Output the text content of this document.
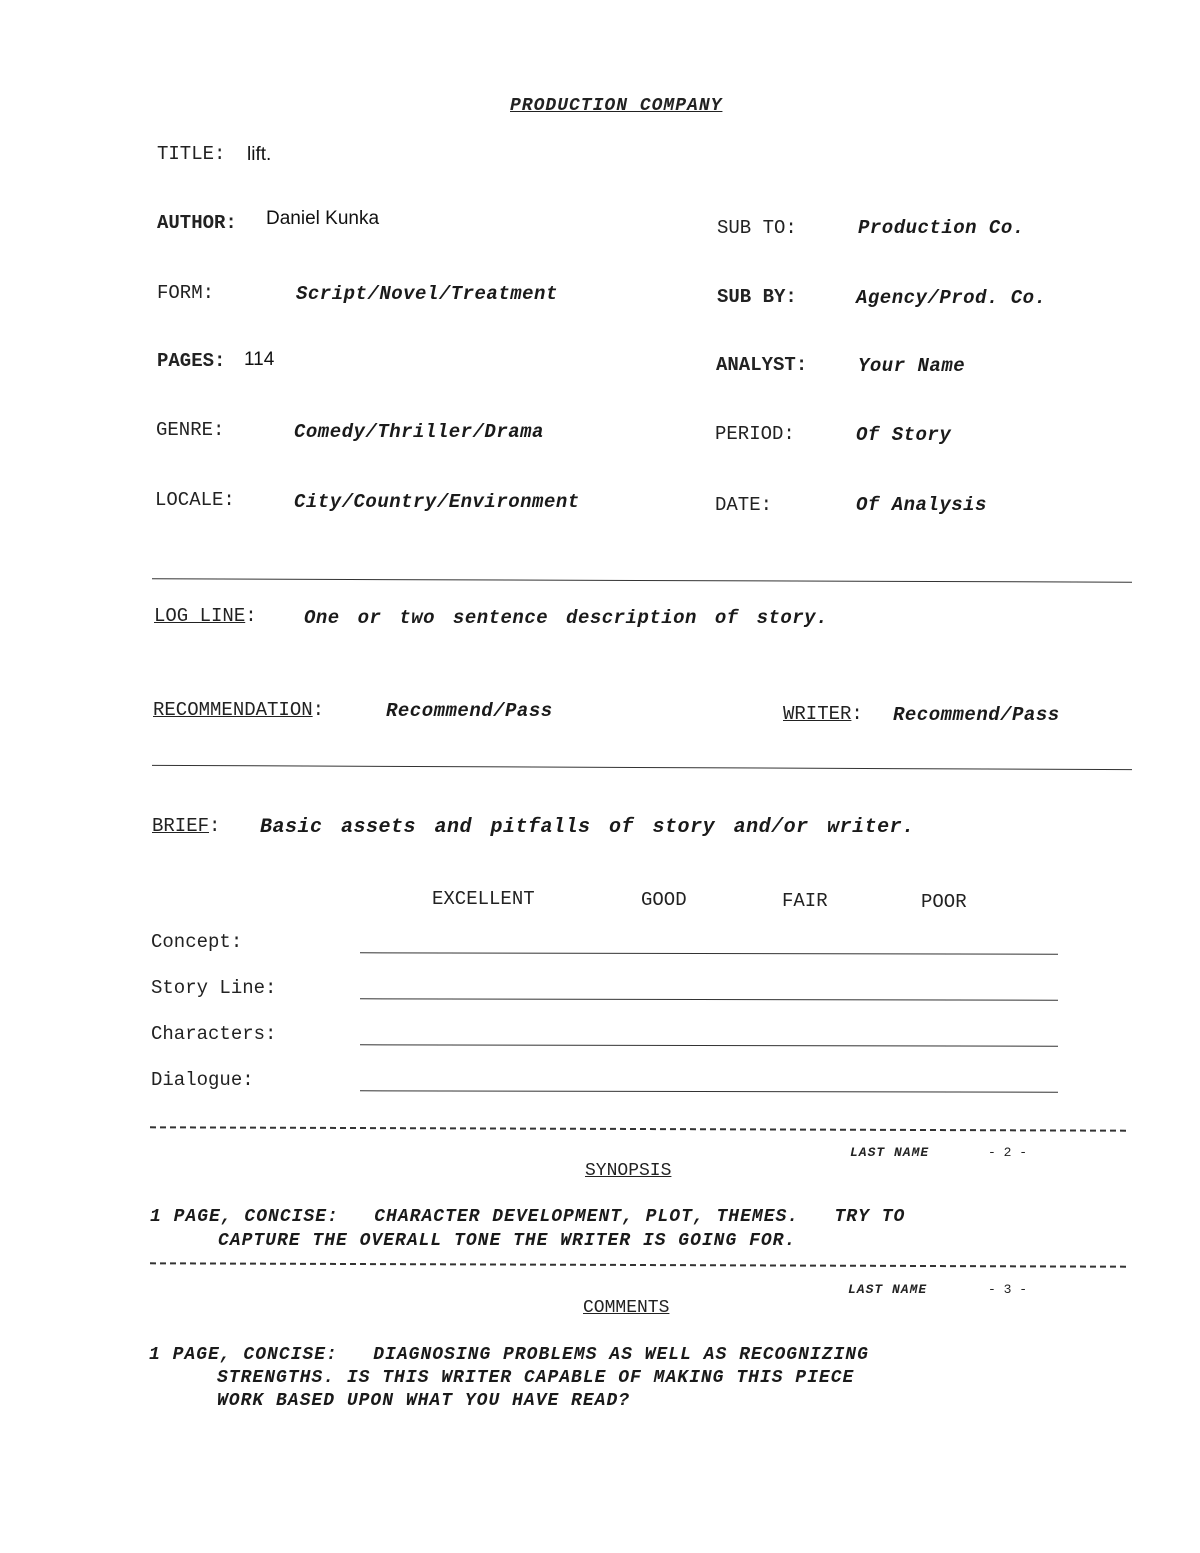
PRODUCTION COMPANY
TITLE: lift.
AUTHOR: Daniel Kunka	SUB TO:	Production Co.
FORM:	Script/Novel/Treatment	SUB BY:	Agency/Prod. Co.
PAGES: 114	ANALYST:	Your Name
GENRE:	Comedy/Thriller/Drama	PERIOD:	Of Story
LOCALE:	City/Country/Environment	DATE:	Of Analysis
LOG LINE: One or two sentence description of story.
RECOMMENDATION:	Recommend/Pass	WRITER: Recommend/Pass
BRIEF: Basic assets and pitfalls of story and/or writer.
EXCELLENT	GOOD	FAIR	POOR
Concept:
Story Line:
Characters:
Dialogue:
LAST NAME	- 2 -
SYNOPSIS
1 PAGE, CONCISE:   CHARACTER DEVELOPMENT, PLOT, THEMES.   TRY TO
CAPTURE THE OVERALL TONE THE WRITER IS GOING FOR.
LAST NAME	- 3 -
COMMENTS
1 PAGE, CONCISE:   DIAGNOSING PROBLEMS AS WELL AS RECOGNIZING
STRENGTHS. IS THIS WRITER CAPABLE OF MAKING THIS PIECE
WORK BASED UPON WHAT YOU HAVE READ?
